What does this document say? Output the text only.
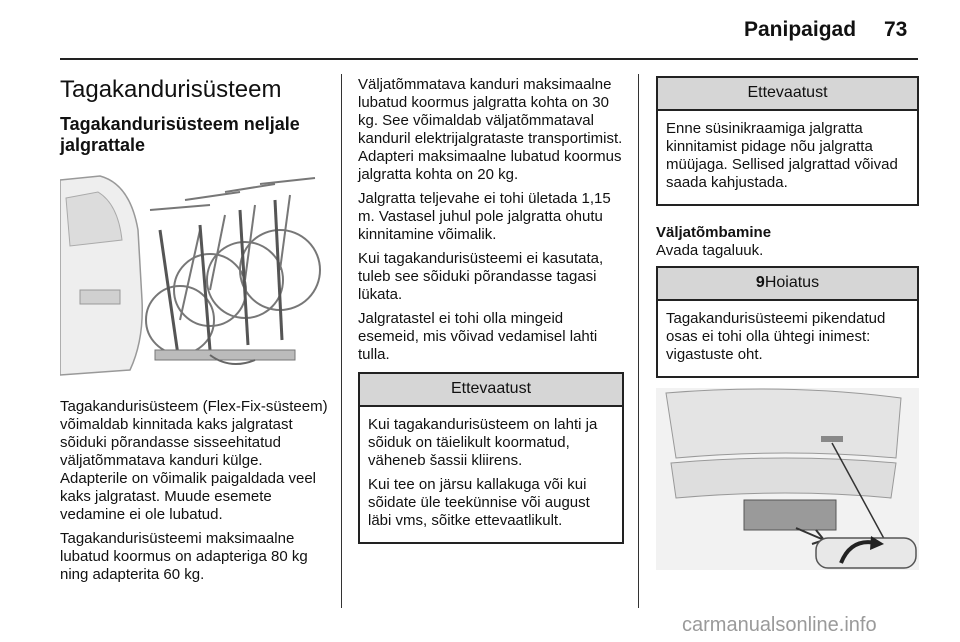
Panipaigad 73
Tagakandurisüsteem
Tagakandurisüsteem neljale jalgrattale

Tagakandurisüsteem (Flex-Fix-süsteem) võimaldab kinnitada kaks jalgratast sõiduki põrandasse sisseehitatud väljatõmmatava kanduri külge. Adapterile on võimalik paigaldada veel kaks jalgratast. Muude esemete vedamine ei ole lubatud.

Tagakandurisüsteemi maksimaalne lubatud koormus on adapteriga 80 kg ning adapterita 60 kg.

Väljatõmmatava kanduri maksimaalne lubatud koormus jalgratta kohta on 30 kg. See võimaldab väljatõmmataval kanduril elektrijalgrataste transportimist. Adapteri maksimaalne lubatud koormus jalgratta kohta on 20 kg.

Jalgratta teljevahe ei tohi ületada 1,15 m. Vastasel juhul pole jalgratta ohutu kinnitamine võimalik.

Kui tagakandurisüsteemi ei kasutata, tuleb see sõiduki põrandasse tagasi lükata.

Jalgratastel ei tohi olla mingeid esemeid, mis võivad vedamisel lahti tulla.

Ettevaatust

Kui tagakandurisüsteem on lahti ja sõiduk on täielikult koormatud, väheneb šassii kliirens.

Kui tee on järsu kallakuga või kui sõidate üle teekünnise või august läbi vms, sõitke ettevaatlikult.

Ettevaatust

Enne süsinikraamiga jalgratta kinnitamist pidage nõu jalgratta müüjaga. Sellised jalgrattad võivad saada kahjustada.

Väljatõmbamine

Avada tagaluuk.

9Hoiatus

Tagakandurisüsteemi pikendatud osas ei tohi olla ühtegi inimest: vigastuste oht.

carmanualsonline.info
